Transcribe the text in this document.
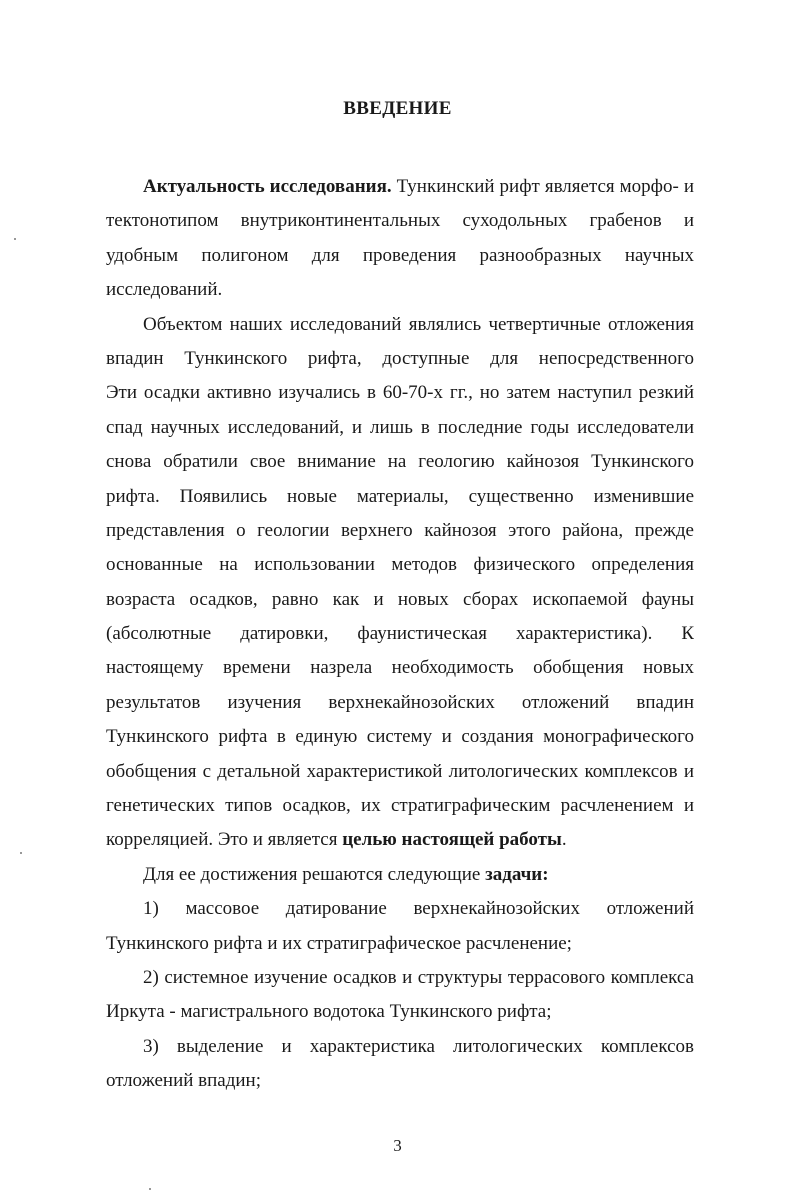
ВВЕДЕНИЕ
Актуальность исследования. Тункинский рифт является морфо- и
тектонотипом внутриконтинентальных суходольных грабенов и
удобным полигоном для проведения разнообразных научных
исследований.
Объектом наших исследований являлись четвертичные отложения
впадин Тункинского рифта, доступные для непосредственного
Эти осадки активно изучались в 60-70-х гг., но затем наступил резкий
спад научных исследований, и лишь в последние годы исследователи
снова обратили свое внимание на геологию кайнозоя Тункинского
рифта. Появились новые материалы, существенно изменившие
представления о геологии верхнего кайнозоя этого района, прежде
основанные на использовании методов физического определения
возраста осадков, равно как и новых сборах ископаемой фауны
(абсолютные датировки, фаунистическая характеристика). К
настоящему времени назрела необходимость обобщения новых
результатов изучения верхнекайнозойских отложений впадин
Тункинского рифта в единую систему и создания монографического
обобщения с детальной характеристикой литологических комплексов и
генетических типов осадков, их стратиграфическим расчленением и
корреляцией. Это и является целью настоящей работы.
Для ее достижения решаются следующие задачи:
1) массовое датирование верхнекайнозойских отложений
Тункинского рифта и их стратиграфическое расчленение;
2) системное изучение осадков и структуры террасового комплекса
Иркута - магистрального водотока Тункинского рифта;
3) выделение и характеристика литологических комплексов
отложений впадин;
3
